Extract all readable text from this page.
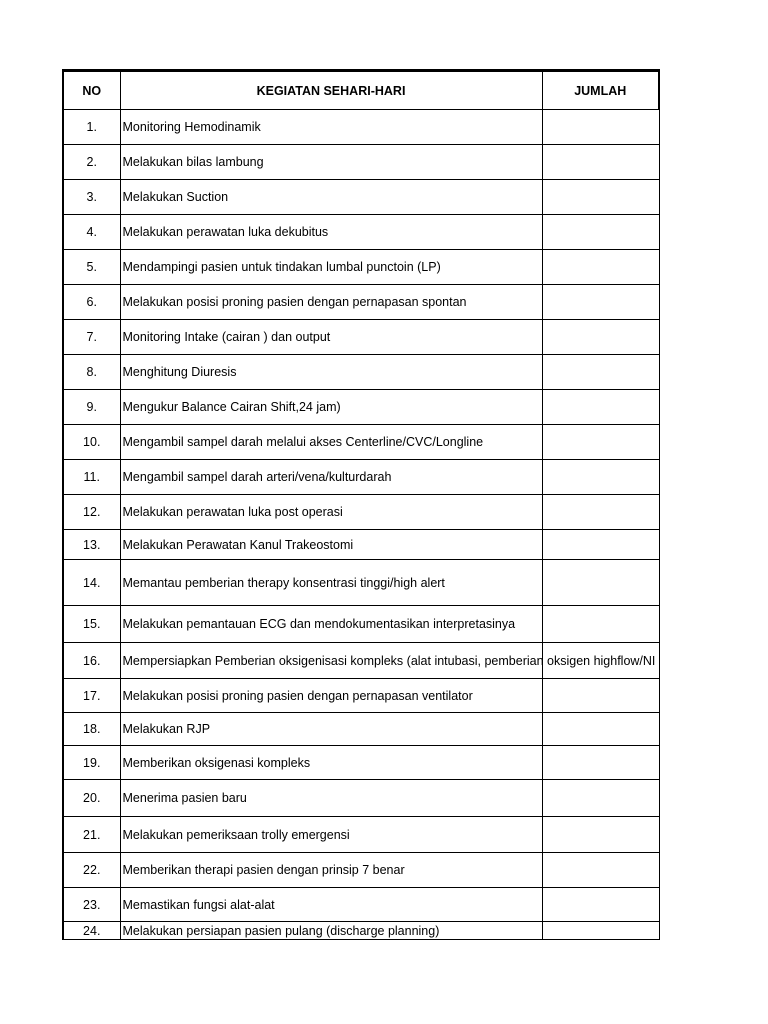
NO	KEGIATAN SEHARI-HARI	JUMLAH
1.	Monitoring Hemodinamik	
2.	Melakukan bilas lambung	
3.	Melakukan Suction	
4.	Melakukan perawatan luka dekubitus	
5.	Mendampingi pasien untuk tindakan lumbal punctoin (LP)	
6.	Melakukan posisi proning pasien dengan pernapasan spontan	
7.	Monitoring Intake (cairan ) dan output	
8.	Menghitung Diuresis	
9.	Mengukur Balance Cairan Shift,24 jam)	
10.	Mengambil sampel darah melalui akses Centerline/CVC/Longline	
11.	Mengambil sampel darah arteri/vena/kulturdarah	
12.	Melakukan perawatan luka post operasi	
13.	Melakukan Perawatan Kanul Trakeostomi	
14.	Memantau pemberian therapy konsentrasi tinggi/high alert	
15.	Melakukan pemantauan ECG dan mendokumentasikan interpretasinya	
16.	Mempersiapkan Pemberian oksigenisasi kompleks (alat intubasi, pemberian oksigen highflow/NI	
17.	Melakukan posisi proning pasien dengan pernapasan ventilator	
18.	Melakukan RJP	
19.	Memberikan oksigenasi kompleks	
20.	Menerima pasien baru	
21.	Melakukan pemeriksaan trolly emergensi	
22.	Memberikan therapi pasien dengan prinsip 7 benar	
23.	Memastikan fungsi alat-alat	
24.	Melakukan persiapan pasien pulang (discharge planning)	
